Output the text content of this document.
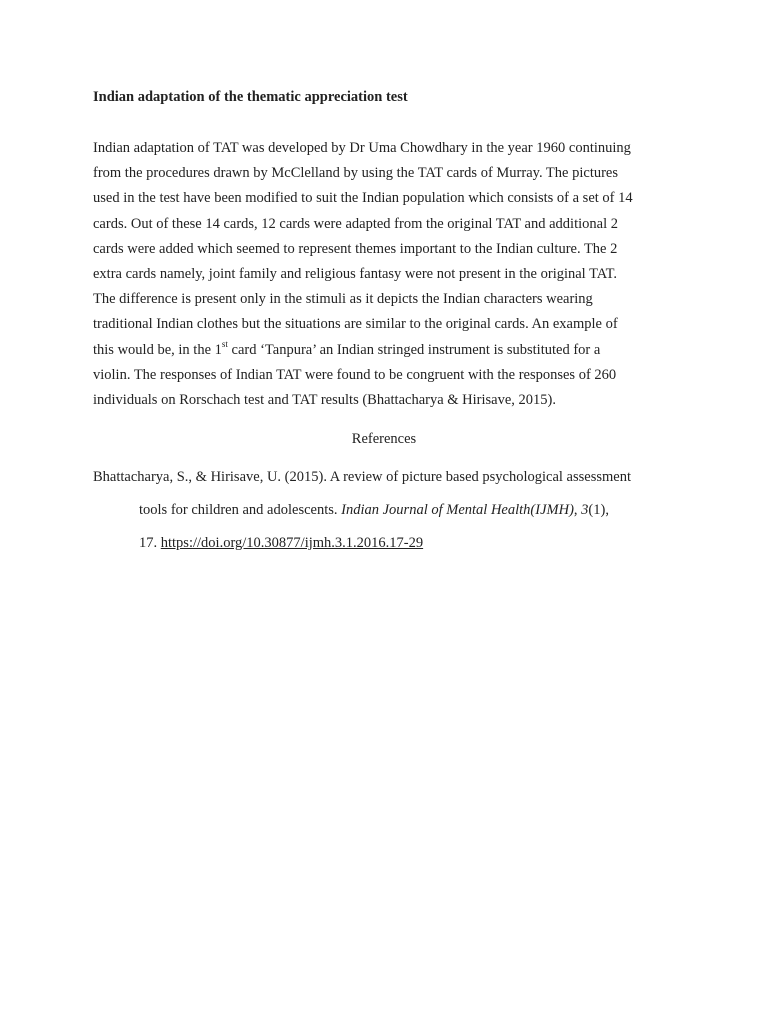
Indian adaptation of the thematic appreciation test

Indian adaptation of TAT was developed by Dr Uma Chowdhary in the year 1960 continuing
from the procedures drawn by McClelland by using the TAT cards of Murray. The pictures
used in the test have been modified to suit the Indian population which consists of a set of 14
cards. Out of these 14 cards, 12 cards were adapted from the original TAT and additional 2
cards were added which seemed to represent themes important to the Indian culture. The 2
extra cards namely, joint family and religious fantasy were not present in the original TAT.
The difference is present only in the stimuli as it depicts the Indian characters wearing
traditional Indian clothes but the situations are similar to the original cards. An example of
this would be, in the 1st card ‘Tanpura’ an Indian stringed instrument is substituted for a
violin. The responses of Indian TAT were found to be congruent with the responses of 260
individuals on Rorschach test and TAT results (Bhattacharya & Hirisave, 2015).

References

Bhattacharya, S., & Hirisave, U. (2015). A review of picture based psychological assessment
tools for children and adolescents. Indian Journal of Mental Health(IJMH), 3(1),
17. https://doi.org/10.30877/ijmh.3.1.2016.17-29
